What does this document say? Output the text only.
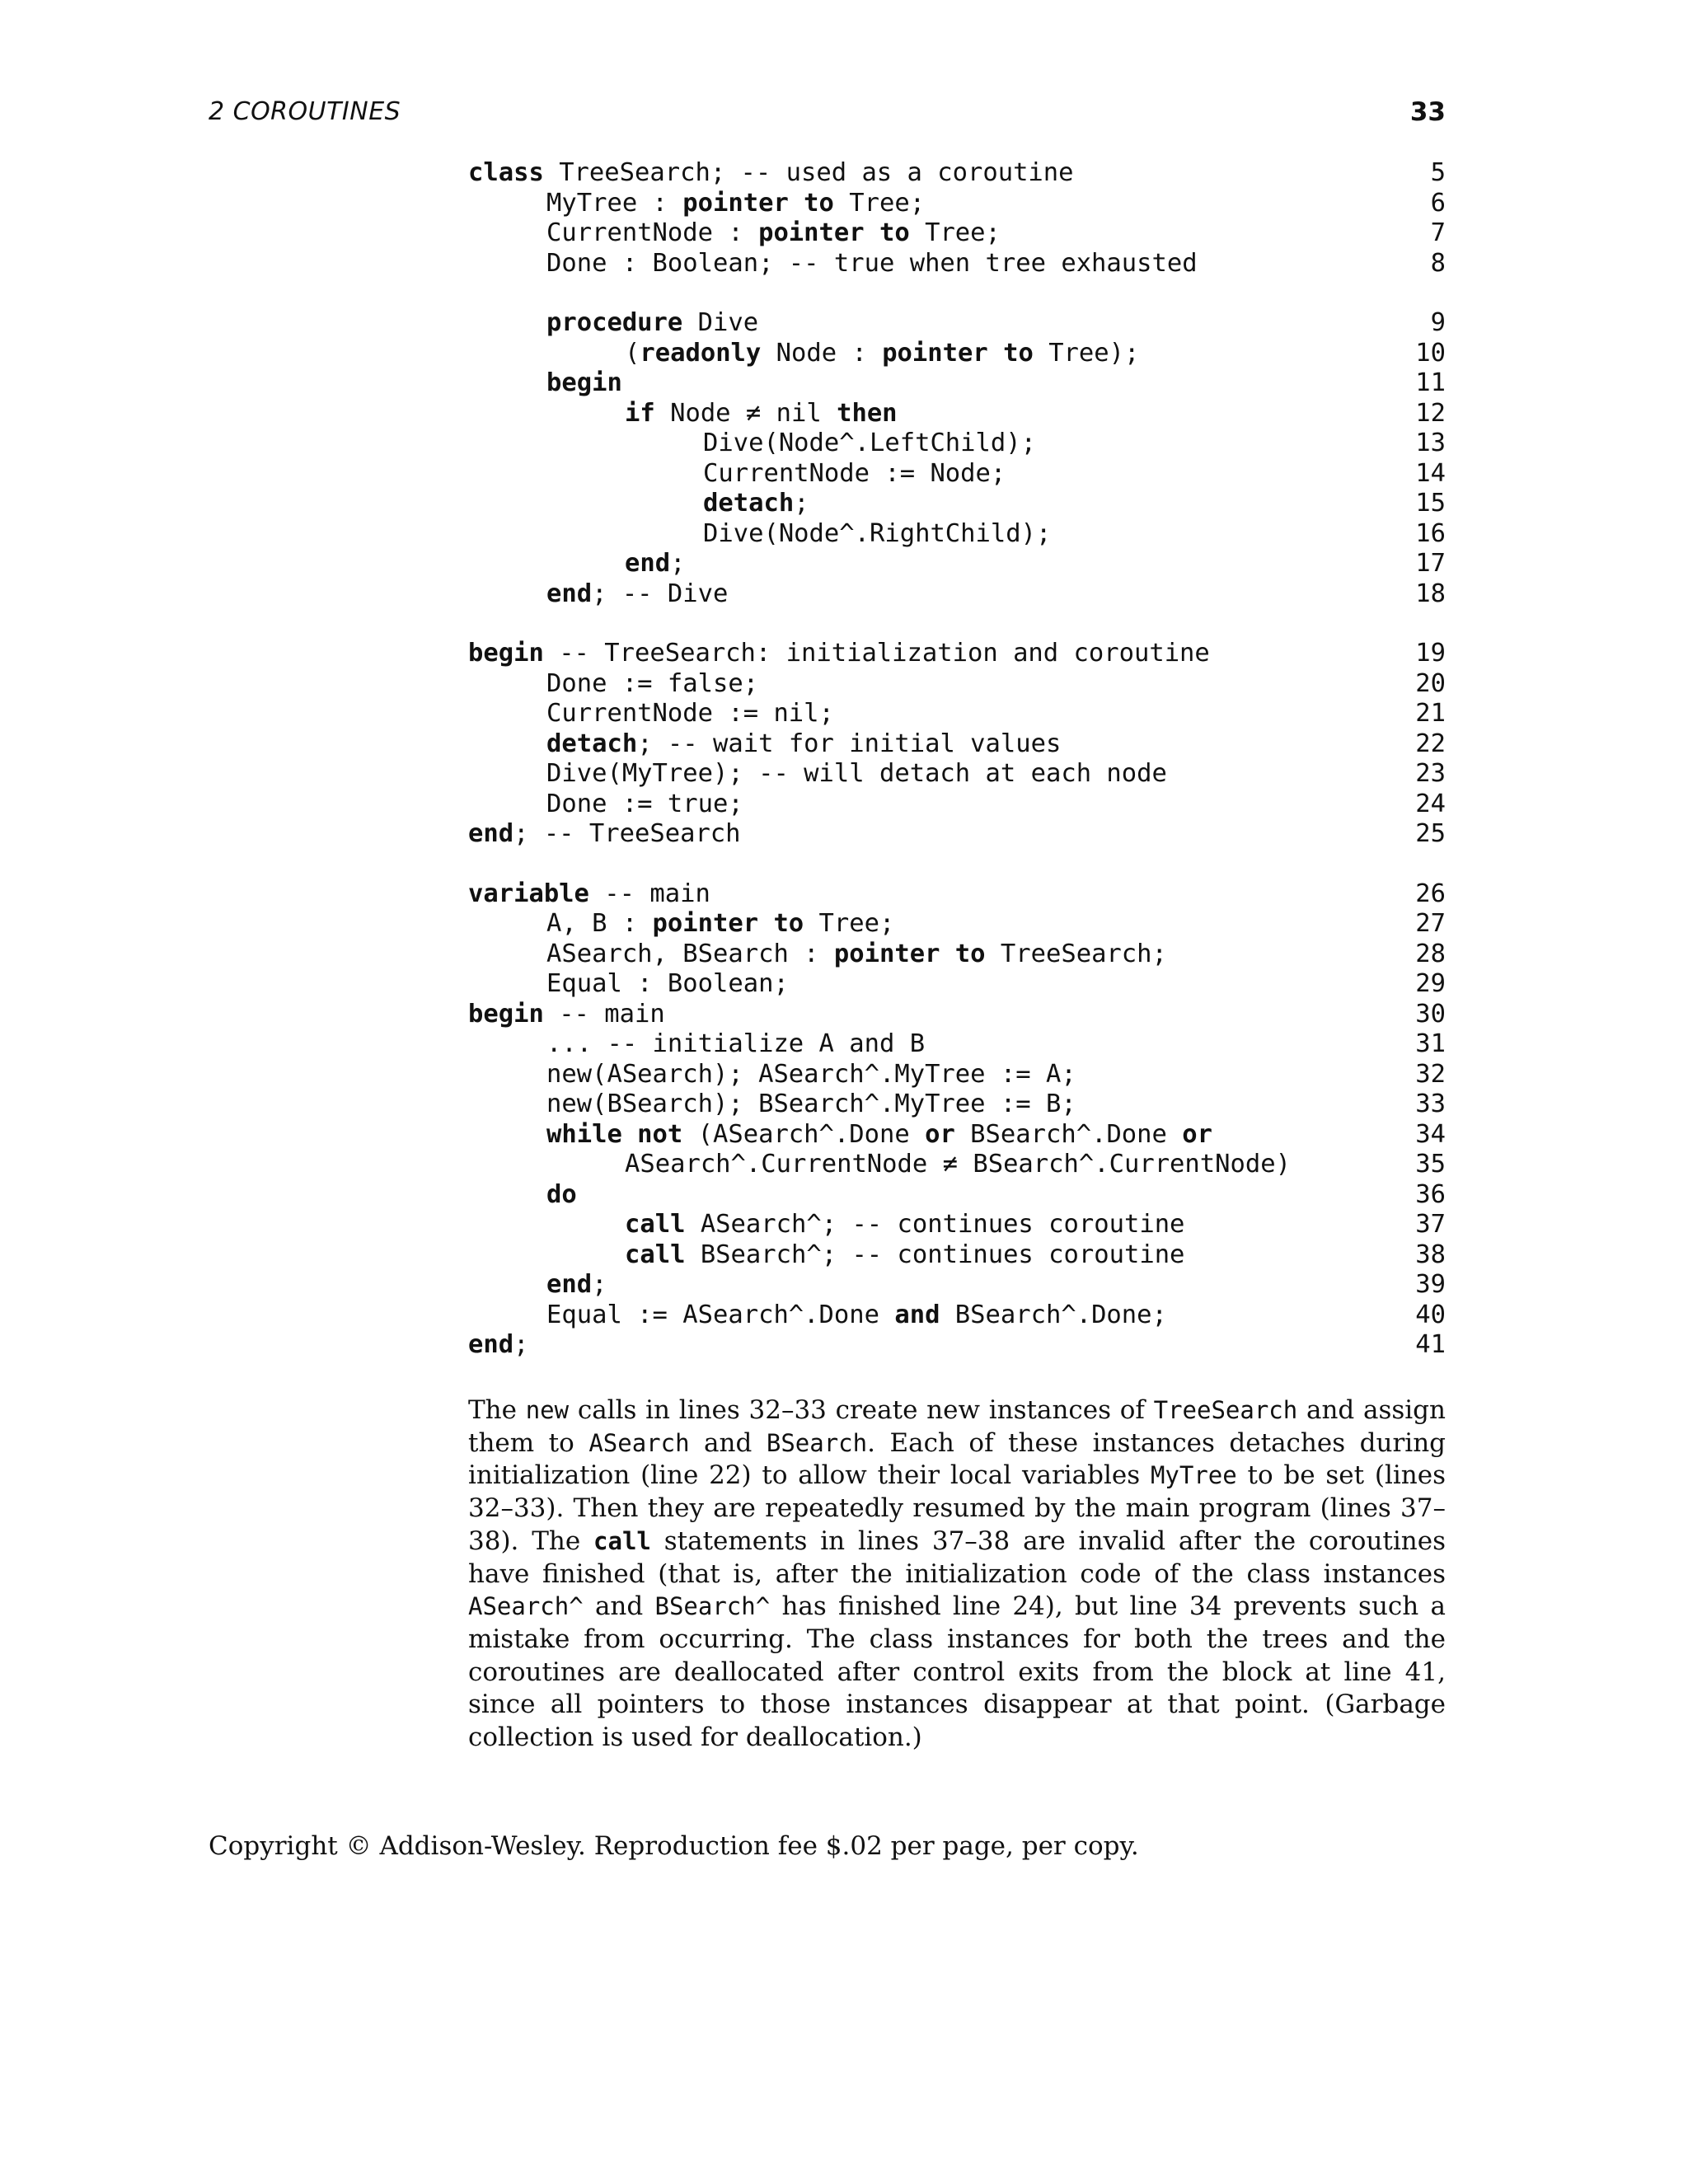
2 COROUTINES	33
class TreeSearch; -- used as a coroutine	5
MyTree : pointer to Tree;	6
CurrentNode : pointer to Tree;	7
Done : Boolean; -- true when tree exhausted	8
procedure Dive	9
(readonly Node : pointer to Tree);	10
begin	11
if Node ≠ nil then	12
Dive(Node^.LeftChild);	13
CurrentNode := Node;	14
detach;	15
Dive(Node^.RightChild);	16
end;	17
end; -- Dive	18
begin -- TreeSearch: initialization and coroutine	19
Done := false;	20
CurrentNode := nil;	21
detach; -- wait for initial values	22
Dive(MyTree); -- will detach at each node	23
Done := true;	24
end; -- TreeSearch	25
variable -- main	26
A, B : pointer to Tree;	27
ASearch, BSearch : pointer to TreeSearch;	28
Equal : Boolean;	29
begin -- main	30
... -- initialize A and B	31
new(ASearch); ASearch^.MyTree := A;	32
new(BSearch); BSearch^.MyTree := B;	33
while not (ASearch^.Done or BSearch^.Done or	34
ASearch^.CurrentNode ≠ BSearch^.CurrentNode)	35
do	36
call ASearch^; -- continues coroutine	37
call BSearch^; -- continues coroutine	38
end;	39
Equal := ASearch^.Done and BSearch^.Done;	40
end;	41

The new calls in lines 32–33 create new instances of TreeSearch and assign them to ASearch and BSearch. Each of these instances detaches during initialization (line 22) to allow their local variables MyTree to be set (lines 32–33). Then they are repeatedly resumed by the main program (lines 37–38). The call statements in lines 37–38 are invalid after the coroutines have finished (that is, after the initialization code of the class instances ASearch^ and BSearch^ has finished line 24), but line 34 prevents such a mistake from occurring. The class instances for both the trees and the coroutines are deallocated after control exits from the block at line 41, since all pointers to those instances disappear at that point. (Garbage collection is used for deallocation.)

Copyright © Addison-Wesley. Reproduction fee $.02 per page, per copy.
